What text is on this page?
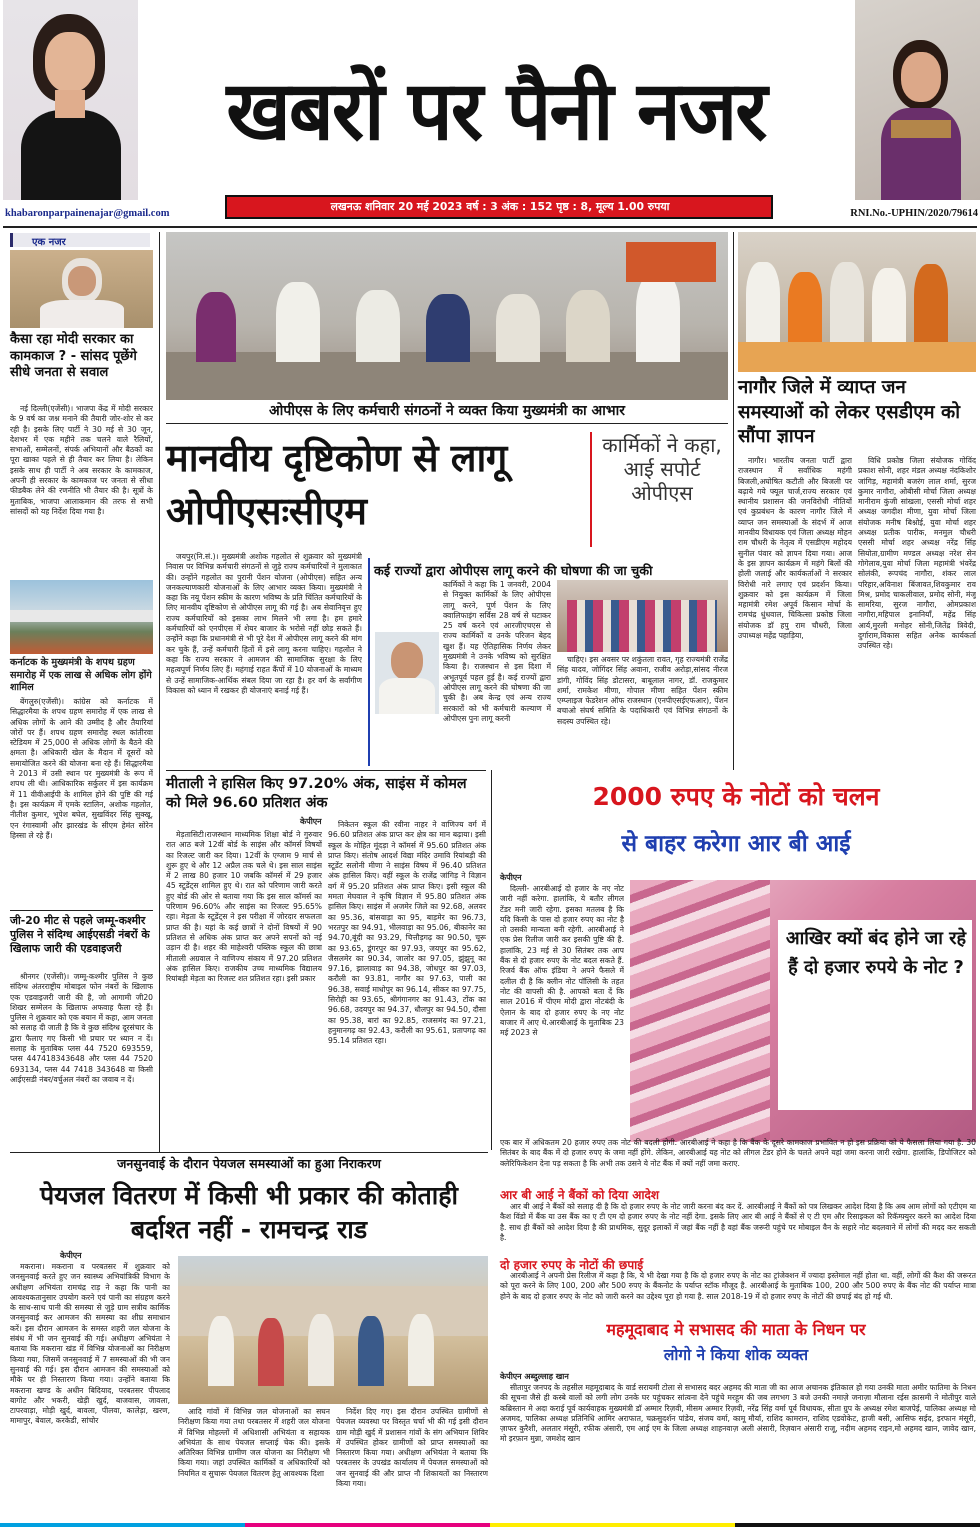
खबरों पर पैनी नजर
khabaronparpainenajar@gmail.com
लखनऊ शनिवार 20 मई 2023 वर्ष : 3 अंक : 152 पृष्ठ : 8, मूल्य 1.00 रुपया
RNI.No.-UPHIN/2020/79614
एक नजर
कैसा रहा मोदी सरकार का कामकाज ? - सांसद पूछेंगे सीधे जनता से सवाल

नई दिल्ली(एजेंसी)। भाजपा केंद्र में मोदी सरकार के 9 वर्ष का जश्न मनाने की तैयारी जोर-शोर से कर रही है। इसके लिए पार्टी ने 30 मई से 30 जून, देशभर में एक महीने तक चलने वाले रैलियों, सभाओं, सम्मेलनों, संपर्क अभियानों और बैठकों का पूरा खाका पहले से ही तैयार कर लिया है। लेकिन इसके साथ ही पार्टी ने अब सरकार के कामकाज, अपनी ही सरकार के कामकाज पर जनता से सीधा फीडबैक लेने की रणनीति भी तैयार की है। सूत्रों के मुताबिक, भाजपा आलाकमान की तरफ से सभी सांसदों को यह निर्देश दिया गया है।

कर्नाटक के मुख्यमंत्री के शपथ ग्रहण समारोह में एक लाख से अधिक लोग होंगे शामिल

बेंगलुरु(एजेंसी)। कांग्रेस को कर्नाटक में सिद्धारमैया के शपथ ग्रहण समारोह में एक लाख से अधिक लोगों के आने की उम्मीद है और तैयारियां जोरों पर हैं। शपथ ग्रहण समारोह स्थल कांतीरवा स्टेडियम में 25,000 से अधिक लोगों के बैठने की क्षमता है। अधिकारी खेल के मैदान में दूसरों को समायोजित करने की योजना बना रहे हैं। सिद्धारमैया ने 2013 में उसी स्थान पर मुख्यमंत्री के रूप में शपथ ली थी। आधिकारिक सर्कुलर में इस कार्यक्रम में 11 वीवीआईपी के शामिल होने की पुष्टि की गई है। इस कार्यक्रम में एमके स्टालिन, अशोक गहलोत, नीतीश कुमार, भूपेश बघेल, सुखविंदर सिंह सुक्खू, एन रंगास्वामी और झारखंड के सीएम हेमंत सोरेन हिस्सा ले रहे हैं।

जी-20 मीट से पहले जम्मू-कश्मीर पुलिस ने संदिग्ध आईएसडी नंबरों के खिलाफ जारी की एडवाइजरी

श्रीनगर (एजेंसी)। जम्मू-कश्मीर पुलिस ने कुछ संदिग्ध अंतरराष्ट्रीय मोबाइल फोन नंबरों के खिलाफ एक एडवाइजरी जारी की है, जो आगामी जी20 शिखर सम्मेलन के खिलाफ अफवाह फैला रहे हैं। पुलिस ने शुक्रवार को एक बयान में कहा, आम जनता को सलाह दी जाती है कि वे कुछ संदिग्ध दूरसंचार के द्वारा फैलाए गए किसी भी प्रचार पर ध्यान न दें। सलाह के मुताबिक प्लस 44 7520 693559, प्लस 447418343648 और प्लस 44 7520 693134, प्लस 44 7418 343648 या किसी आईएसडी नंबर/वर्चुअल नंबरों का जवाब न दें।

ओपीएस के लिए कर्मचारी संगठनों ने व्यक्त किया मुख्यमंत्री का आभार
मानवीय दृष्टिकोण से लागू ओपीएसःसीएम
कार्मिकों ने कहा, आई सपोर्ट ओपीएस

जयपुर(नि.सं.)। मुख्यमंत्री अशोक गहलोत से शुक्रवार को मुख्यमंत्री निवास पर विभिन्न कर्मचारी संगठनों से जुड़े राज्य कर्मचारियों ने मुलाकात की। उन्होंने गहलोत का पुरानी पेंशन योजना (ओपीएस) सहित अन्य जनकल्याणकारी योजनाओं के लिए आभार व्यक्त किया। मुख्यमंत्री ने कहा कि नयू पेंशन स्कीम के कारण भविष्य के प्रति चिंतित कर्मचारियों के लिए मानवीय दृष्टिकोण से ओपीएस लागू की गई है। अब सेवानिवृत्त हुए राज्य कर्मचारियों को इसका लाभ मिलने भी लगा है। हम हमारे कर्मचारियों को एनपीएस में शेयर बाजार के भरोसे नहीं छोड़ सकते हैं। उन्होंने कहा कि प्रधानमंत्री से भी पूरे देश में ओपीएस लागू करने की मांग कर चुके हैं, उन्हें कर्मचारी हितों में इसे लागू करना चाहिए। गहलोत ने कहा कि राज्य सरकार ने आमजन की सामाजिक सुरक्षा के लिए महत्वपूर्ण निर्णय लिए हैं। महंगाई राहत कैंपों में 10 योजनाओं के माध्यम से उन्हें सामाजिक-आर्थिक संबल दिया जा रहा है। हर वर्ग के सर्वांगीण विकास को ध्यान में रखकर ही योजनाएं बनाई गई हैं।

कई राज्यों द्वारा ओपीएस लागू करने की घोषणा की जा चुकी

कार्मिकों ने कहा कि 1 जनवरी, 2004 से नियुक्त कार्मिकों के लिए ओपीएस लागू करने, पूर्ण पेंशन के लिए क्वालिफाइंग सर्विस 28 वर्ष से घटाकर 25 वर्ष करने एवं आरजीएचएस से राज्य कार्मिकों व उनके परिजन बेहद खुश हैं। यह ऐतिहासिक निर्णय लेकर मुख्यमंत्री ने उनके भविष्य को सुरक्षित किया है। राजस्थान से इस दिशा में अभूतपूर्व पहल हुई है। कई राज्यों द्वारा ओपीएस लागू करने की घोषणा की जा चुकी है। अब केन्द्र एवं अन्य राज्य सरकारों को भी कर्मचारी कल्याण में ओपीएस पुनः लागू करनी

चाहिए। इस अवसर पर शकुंतला रावत, गृह राज्यमंत्री राजेंद्र सिंह यादव, जोगिंदर सिंह अवाना, राजीव अरोड़ा,सांसद नीरज डांगी, गोविंद सिंह डोटासरा, बाबूलाल नागर, डॉ. राजकुमार शर्मा, रामकेश मीणा, गोपाल मीणा सहित पेंशन स्कीम एम्प्लाइज फेडरेशन ऑफ राजस्थान (एनपीएसईएफआर), पेंशन बचाओ संघर्ष समिति के पदाधिकारी एवं विभिन्न संगठनों के सदस्य उपस्थित रहे।

नागौर जिले में व्याप्त जन समस्याओं को लेकर एसडीएम को सौंपा ज्ञापन

नागौर। भारतीय जनता पार्टी द्वारा राजस्थान में सर्वाधिक महंगी बिजली,अघोषित कटौती और बिजली पर बढ़ाये गये फ्यूल चार्ज,राज्य सरकार एवं स्थानीय प्रशासन की जनविरोधी नीतियों एवं कुप्रबंधन के कारण नागौर जिले में व्याप्त जन समस्याओं के संदर्भ में आज मानवीय विधायक एवं जिला अध्यक्ष मोहन राम चौधरी के नेतृत्व में एसडीएम महोदय सुनील पंवार को ज्ञापन दिया गया। आज के इस ज्ञापन कार्यक्रम में महंगे बिलों की होली जलाई और कार्यकर्ताओं ने सरकार विरोधी नारे लगाए एवं प्रदर्शन किया। शुक्रवार को इस कार्यक्रम में जिला महामंत्री रमेश अपूर्व किसान मोर्चा के रामचंद्र धुंधवाल, चिकित्सा प्रकोष्ठ जिला संयोजक डॉ हपु राम चौधरी, जिला उपाध्यक्ष महेंद्र पहाड़िया,

विधि प्रकोष्ठ जिला संयोजक गोविंद प्रकाश सोनी, शहर मंडल अध्यक्ष नंदकिशोर जांगिड़, महामंत्री बजरंग लाल शर्मा, सुरज कुमार नागौरा, ओबीसी मोर्चा जिला अध्यक्ष मानीराम कुंजी सांखला, एससी मोर्चा शहर अध्यक्ष जगदीश मीणा, युवा मोर्चा जिला संयोजक मनीष बिश्नोई, युवा मोर्चा शहर अध्यक्ष प्रतीक पारीक, मनमुल चौधरी एससी मोर्चा शहर अध्यक्ष नरेंद्र सिंह सियोता,ग्रामीण मण्डल अध्यक्ष नरेश सेन गोगेलाव,युवा मोर्चा जिला महामंत्री भंवरेंद्र सोलंकी, रूपचंद नागौरा, शंकर लाल परिहार,अविनाश बिंजावत,शिवकुमार राव मिश्र, प्रमोद चाकलीवाल, प्रमोद सोनी, मंजू सामरिया, सुरज नागौरा, ओमप्रकाश नागौरा,महिपाल इनानियाँ, महेंद्र सिंह आर्य,मुरली मनोहर सोनी,जितेंद्र त्रिवेदी, दुर्गाराम,विकास सहित अनेक कार्यकर्ता उपस्थित रहे।

मीताली ने हासिल किए 97.20% अंक, साइंस में कोमल को मिले 96.60 प्रतिशत अंक
केपीएन

मेड़तासिटी।राजस्थान माध्यमिक शिक्षा बोर्ड ने गुरुवार रात आठ बजे 12वीं बोर्ड के साइंस और कॉमर्स विषयों का रिजल्ट जारी कर दिया। 12वीं के एग्जाम 9 मार्च से शुरू हुए थे और 12 अप्रैल तक चले थे। इस साल साइंस में 2 लाख 80 हजार 10 जबकि कॉमर्स में 29 हजार 45 स्टूडेंट्स शामिल हुए थे। रात को परिणाम जारी करते हुए बोर्ड की ओर से बताया गया कि इस साल कॉमर्स का परिणाम 96.60% और साइंस का रिजल्ट 95.65% रहा। मेड़ता के स्टूडेंट्स ने इस परीक्षा में जोरदार सफलता प्राप्त की है। यहां के कई छात्रों ने दोनों विषयों में 90 प्रतिशत से अधिक अंक प्राप्त कर अपने सपनों को नई उड़ान दी है। शहर की माहेश्वरी पब्लिक स्कूल की छात्रा मीताली अग्रवाल ने वाणिज्य संकाय में 97.20 प्रतिशत अंक हासिल किए। राजकीय उच्च माध्यमिक विद्यालय रियांबड़ी मेड़ता का रिजल्ट शत प्रतिशत रहा। इसी प्रकार

निकेतन स्कूल की रवीना नाहर ने वाणिज्य वर्ग में 96.60 प्रतिशत अंक प्राप्त कर क्षेत्र का मान बढ़ाया। इसी स्कूल के मोहित मूंदड़ा ने कॉमर्स में 95.60 प्रतिशत अंक प्राप्त किए। संतोष आदर्श विद्या मंदिर उमावि रियांबड़ी की स्टूडेंट सलोनी मीणा ने साइंस विषय में 96.40 प्रतिशत अंक हासिल किए। वहीं स्कूल के राजेंद्र जांगिड़ ने विज्ञान वर्ग में 95.20 प्रतिशत अंक प्राप्त किए। इसी स्कूल की ममता मेघवाल ने कृषि विज्ञान में 95.80 प्रतिशत अंक हासिल किए। साइंस में अजमेर जिले का 92.68, अलवर का 95.36, बांसवाड़ा का 95, बाड़मेर का 96.73, भरतपुर का 94.91, भीलवाड़ा का 95.06, बीकानेर का 94.70,बूंदी का 93.29, चित्तौड़गढ़ का 90.50, चूरू का 93.65, डूंगरपुर का 97.93, जयपुर का 95.62, जैसलमेर का 90.34, जालोर का 97.05, झुंझुनू का 97.16, झालावाड़ का 94.38, जोधपुर का 97.03, करौली का 93.81, नागौर का 97.63, पाली का 96.38, सवाई माधोपुर का 96.14, सीकर का 97.75, सिरोही का 93.65, श्रीगंगानगर का 91.43, टोंक का 96.68, उदयपुर का 94.37, धौलपुर का 94.50, दौसा का 95.38, बारां का 92.85, राजसमंद का 97.21, हनुमानगढ़ का 92.43, करौली का 95.61, प्रतापगढ़ का 95.14 प्रतिशत रहा।

2000 रुपए के नोटों को चलन
से बाहर करेगा आर बी आई
केपीएन

दिल्ली- आरबीआई दो हजार के नए नोट जारी नहीं करेगा. हालांकि, ये बतौर लीगल टेंडर मनी जारी रहेगा. इसका मतलब है कि यदि किसी के पास दो हजार रुपए का नोट है तो उसकी मान्यता बनी रहेगी. आरबीआई ने एक प्रेस रिलीज जारी कर इसकी पुष्टि की है. हालांकि, 23 मई से 30 सितंबर तक आप बैंक से दो हजार रुपए के नोट बदल सकते हैं. रिजर्व बैंक ऑफ इंडिया ने अपने फैसले में दलील दी है कि क्लीन नोट पॉलिसी के तहत नोट की वापसी की है. आपको बता दें कि साल 2016 में पीएम मोदी द्वारा नोटबंदी के ऐलान के बाद दो हजार रुपए के नए नोट बाजार में आए थे.आरबीआई के मुताबिक 23 मई 2023 से

आखिर क्यों बंद होने जा रहे हैं दो हजार रुपये के नोट ?

एक बार में अधिकतम 20 हजार रुपए तक नोट की बदली होगी. आरबीआई ने कहा है कि बैंक के दूसरे कामकाज प्रभावित न हो इस प्रक्रिया को ये फैसला लिया गया है. 30 सितंबर के बाद बैंक में दो हजार रुपए के जमा नहीं होंगे. लेकिन, आरबीआई यह नोट को लीगल टेंडर होने के चलते अपने यहां जमा करना जारी रखेगा. हालांकि, डिपोजिटर को क्लेरिफिकेशन देना पड़ सकता है कि अभी तक उसने ये नोट बैंक में क्यों नहीं जमा कराए.

आर बी आई ने बैंकों को दिया आदेश

आर बी आई ने बैंकों को सलाह दी है कि दो हजार रुपए के नोट जारी करना बंद कर दें. आरबीआई ने बैंकों को पत्र लिखकर आदेश दिया है कि अब आम लोगों को एटीएम या कैश विंडो में बैंक या उस बैंक का ए टी एम दो हजार रुपए के नोट नहीं देगा. इसके लिए आर बी आई ने बैंकों से ए टी एम और रिसाइकल को रिकॅम्फ़्युरर करने का आदेश दिया है. साथ ही बैंकों को आदेश दिया है की प्राथमिक, सुदूर इलाकों में जहां बैंक नहीं है वहां बैंक जरूरी पहुंचे पर मोबाइल वैन के सहारे नोट बदलवाने में लोगों की मदद कर सकती है.

दो हजार रुपए के नोटों की छपाई

आरबीआई ने अपनी प्रेस रिलीज में कहा है कि, ये भी देखा गया है कि दो हजार रुपए के नोट का ट्रांजेक्शन में ज्यादा इस्तेमाल नहीं होता था. वहीं, लोगों की कैश की जरूरत को पूरा करने के लिए 100, 200 और 500 रुपए के बैंकनोट के पर्याप्त स्टॉक मौजूद है. आरबीआई के मुताबिक 100, 200 और 500 रुपए के बैंक नोट की पर्याप्त मात्रा होने के बाद दो हजार रुपए के नोट को जारी करने का उद्देश्य पूरा हो गया है. साल 2018-19 में दो हजार रुपए के नोटों की छपाई बंद हो गई थी.

महमूदाबाद मे सभासद की माता के निधन पर
लोगो ने किया शोक व्यक्त
केपीएन अब्दुल्लाह खान

सीतापुर जनपद के तहसील महमूदाबाद के वार्ड सरायमी टोला से सभासद बदर अहमद की माता जी का आज अचानक इंतिकाल हो गया उनकी माता अमीर फातिमा के निधन की सूचना जैसे ही कस्बे वालों को लगी लोग उनके घर पहुंचकर सांत्वना देने पहुंचे मरहूम की जब लगभग 3 बजे उनकी नमाज़े जनाज़ा मौलाना रईस क़ासमी ने मोतीपुर वाले कब्रिस्तान मे अदा कराई पूर्व कार्यवाहक मुख्यमंत्री डॉ अम्मार रिज़वी, मीसम अम्मार रिज़वी, नरेंद्र सिंह वर्मा पूर्व विधायक, सीता ग्रुप के अध्यक्ष रमेश बाजपेई, पालिका अध्यक्ष मो अजमद, पालिका अध्यक्ष प्रतिनिधि आमिर अराफात, चक्रसुदर्शन पांडेय, संजय वर्मा, कामू मौर्या, राशिद कामरान, राशिद एडवोकेट, हाजी बसी, आसिफ सईद, इरफान मंसूरी, ज़ाफर कुरैशी, अलतार मंसूरी, रफीक अंसारी, एम आई एम के जिला अध्यक्ष शाहनवाज़ अली अंसारी, रिज़वान अंसारी राजू, नदीम अहमद राइन,मो अहमद खान, जावेद खान, मो इरफ़ान मुन्ना, जमशेद खान

जनसुनवाई के दौरान पेयजल समस्याओं का हुआ निराकरण
पेयजल वितरण में किसी भी प्रकार की कोताही बर्दाश्त नहीं - रामचन्द्र राड
केपीएन

मकराना। मकराना व परबतसर में शुक्रवार को जनसुनवाई करते हुए जन स्वास्थ्य अभियांत्रिकी विभाग के अधीक्षण अभियंता रामचंद्र राड़ ने कहा कि पानी का आवश्यकतानुसार उपयोग करने एवं पानी का संग्रहण करने के साथ-साथ पानी की समस्या से जुड़े ग्राम सत्रीय कार्मिक जनसुनवाई कर आमजन की समस्या का शीघ्र समाधान करें। इस दौरान आमजन के समस्त शहरी जल योजना के संबंध में भी जन सुनवाई की गई। अधीक्षण अभियंता ने बताया कि मकराना खंड में विभिन्न योजनाओं का निरीक्षण किया गया, जिसमें जनसुनवाई में 7 समस्याओं की भी जन सुनवाई की गई। इस दौरान आमजन की समस्याओं को मौके पर ही निस्तारण किया गया। उन्होंने बताया कि मकराना खण्ड के अधीन बिदियाद, परबतसर पीपलाद बागोट और भकरी, खेड़ी खुर्द, बाजवास, जावला, टापरवाड़ा, मोड़ी खुर्द, बावला, पीलवा, कालेड़ा, खरण, मामापुर, बेवाल, करकेडी, सांचोर

आदि गांवों में विभिन्न जल योजनाओं का सघन निरीक्षण किया गया तथा परबतसर में शहरी जल योजना में विभिन्न मोहल्लों में अधिशासी अभियंता व सहायक अभियंता के साथ पेयजल सप्लाई चेक की। इसके अतिरिक्त विभिन्न ग्रामीण जल योजना का निरीक्षण भी किया गया। जहां उपस्थित कार्मिकों व अधिकारियों को नियमित व सुचारू पेयजल वितरण हेतु आवश्यक दिशा

निर्देश दिए गए। इस दौरान उपस्थित ग्रामीणों से पेयजल व्यवस्था पर विस्तृत चर्चा भी की गई इसी दौरान ग्राम मोड़ी खुर्द में प्रशासन गांवों के संग अभियान शिविर में उपस्थित होकर ग्रामीणों को प्राप्त समस्याओं का निस्तारण किया गया। अधीक्षण अभियंता ने बताया कि परबतसर के उपखंड कार्यालय में पेयजल समस्याओं को जन सुनवाई की और प्राप्त नौ शिकायतों का निस्तारण किया गया।
